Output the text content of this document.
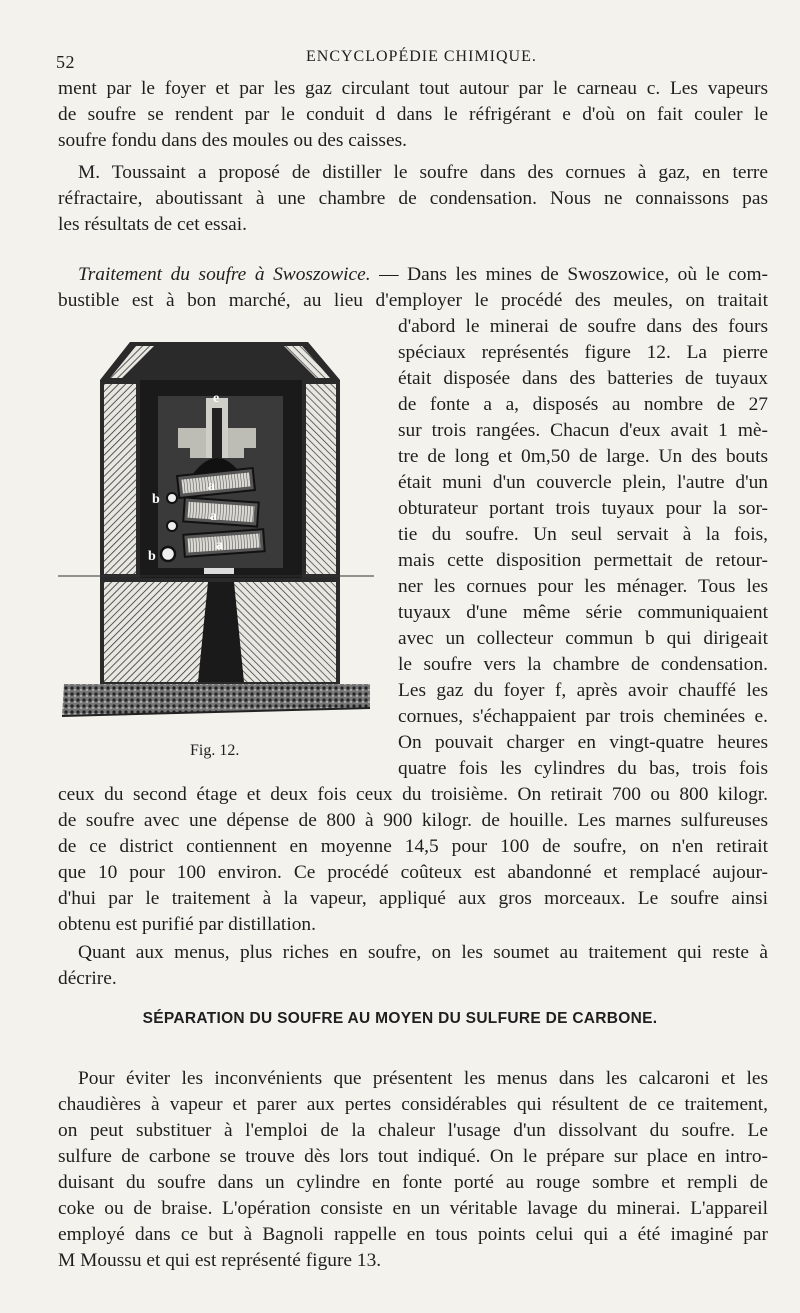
52	ENCYCLOPÉDIE CHIMIQUE.
ment par le foyer et par les gaz circulant tout autour par le carneau c. Les vapeurs
de soufre se rendent par le conduit d dans le réfrigérant e d'où on fait couler le
soufre fondu dans des moules ou des caisses.
M. Toussaint a proposé de distiller le soufre dans des cornues à gaz, en terre
réfractaire, aboutissant à une chambre de condensation. Nous ne connaissons pas
les résultats de cet essai.
Traitement du soufre à Swoszowice. — Dans les mines de Swoszowice, où le com-
bustible est à bon marché, au lieu d'employer le procédé des meules, on traitait
d'abord le minerai de soufre dans des fours
spéciaux représentés figure 12. La pierre
était disposée dans des batteries de tuyaux
de fonte a a, disposés au nombre de 27
sur trois rangées. Chacun d'eux avait 1 mè-
tre de long et 0m,50 de large. Un des bouts
était muni d'un couvercle plein, l'autre d'un
obturateur portant trois tuyaux pour la sor-
tie du soufre. Un seul servait à la fois,
mais cette disposition permettait de retour-
ner les cornues pour les ménager. Tous les
tuyaux d'une même série communiquaient
avec un collecteur commun b qui dirigeait
le soufre vers la chambre de condensation.
Les gaz du foyer f, après avoir chauffé les
cornues, s'échappaient par trois cheminées e.
On pouvait charger en vingt-quatre heures
quatre fois les cylindres du bas, trois fois
e
a
a
a
b
b
Fig. 12.
ceux du second étage et deux fois ceux du troisième. On retirait 700 ou 800 kilogr.
de soufre avec une dépense de 800 à 900 kilogr. de houille. Les marnes sulfureuses
de ce district contiennent en moyenne 14,5 pour 100 de soufre, on n'en retirait
que 10 pour 100 environ. Ce procédé coûteux est abandonné et remplacé aujour-
d'hui par le traitement à la vapeur, appliqué aux gros morceaux. Le soufre ainsi
obtenu est purifié par distillation.
Quant aux menus, plus riches en soufre, on les soumet au traitement qui reste à
décrire.
SÉPARATION DU SOUFRE AU MOYEN DU SULFURE DE CARBONE.
Pour éviter les inconvénients que présentent les menus dans les calcaroni et les
chaudières à vapeur et parer aux pertes considérables qui résultent de ce traitement,
on peut substituer à l'emploi de la chaleur l'usage d'un dissolvant du soufre. Le
sulfure de carbone se trouve dès lors tout indiqué. On le prépare sur place en intro-
duisant du soufre dans un cylindre en fonte porté au rouge sombre et rempli de
coke ou de braise. L'opération consiste en un véritable lavage du minerai. L'appareil
employé dans ce but à Bagnoli rappelle en tous points celui qui a été imaginé par
M Moussu et qui est représenté figure 13.
